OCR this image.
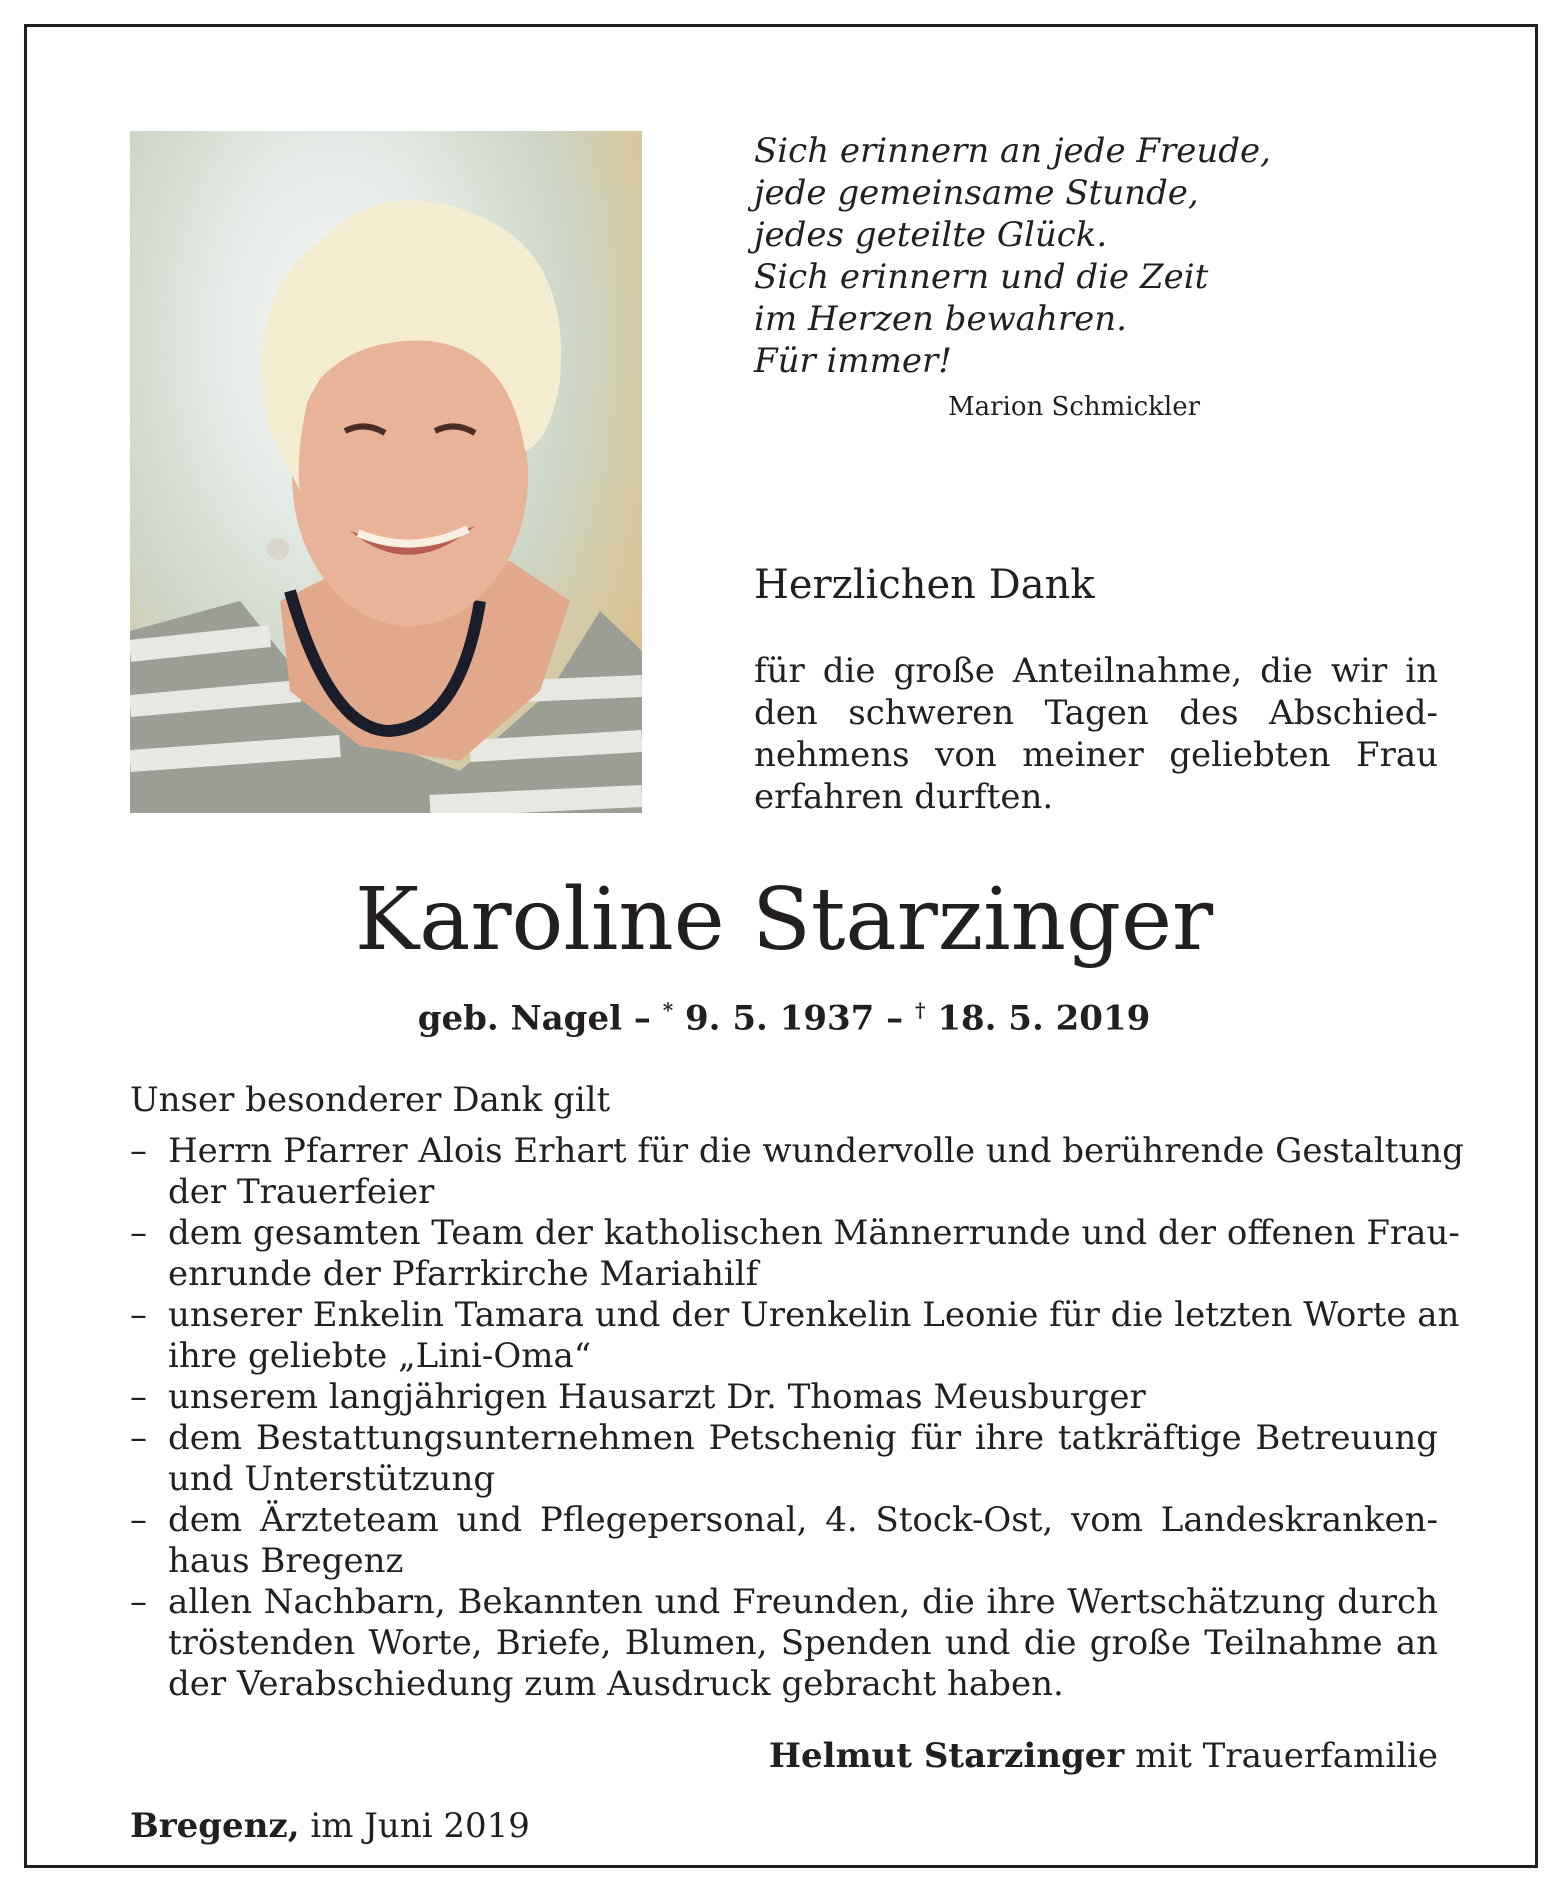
Sich erinnern an jede Freude,
jede gemeinsame Stunde,
jedes geteilte Glück.
Sich erinnern und die Zeit
im Herzen bewahren.
Für immer!
Marion Schmickler
Herzlichen Dank
für die große Anteilnahme, die wir in
den schweren Tagen des Abschied-
nehmens von meiner geliebten Frau
erfahren durften.
Karoline Starzinger
geb. Nagel – * 9. 5. 1937 – † 18. 5. 2019
Unser besonderer Dank gilt
– Herrn Pfarrer Alois Erhart für die wundervolle und berührende Gestaltung
der Trauerfeier
– dem gesamten Team der katholischen Männerrunde und der offenen Frau-
enrunde der Pfarrkirche Mariahilf
– unserer Enkelin Tamara und der Urenkelin Leonie für die letzten Worte an
ihre geliebte „Lini-Oma“
– unserem langjährigen Hausarzt Dr. Thomas Meusburger
– dem Bestattungsunternehmen Petschenig für ihre tatkräftige Betreuung
und Unterstützung
– dem Ärzteteam und Pflegepersonal, 4. Stock-Ost, vom Landeskranken-
haus Bregenz
– allen Nachbarn, Bekannten und Freunden, die ihre Wertschätzung durch
tröstenden Worte, Briefe, Blumen, Spenden und die große Teilnahme an
der Verabschiedung zum Ausdruck gebracht haben.
Helmut Starzinger mit Trauerfamilie
Bregenz, im Juni 2019
